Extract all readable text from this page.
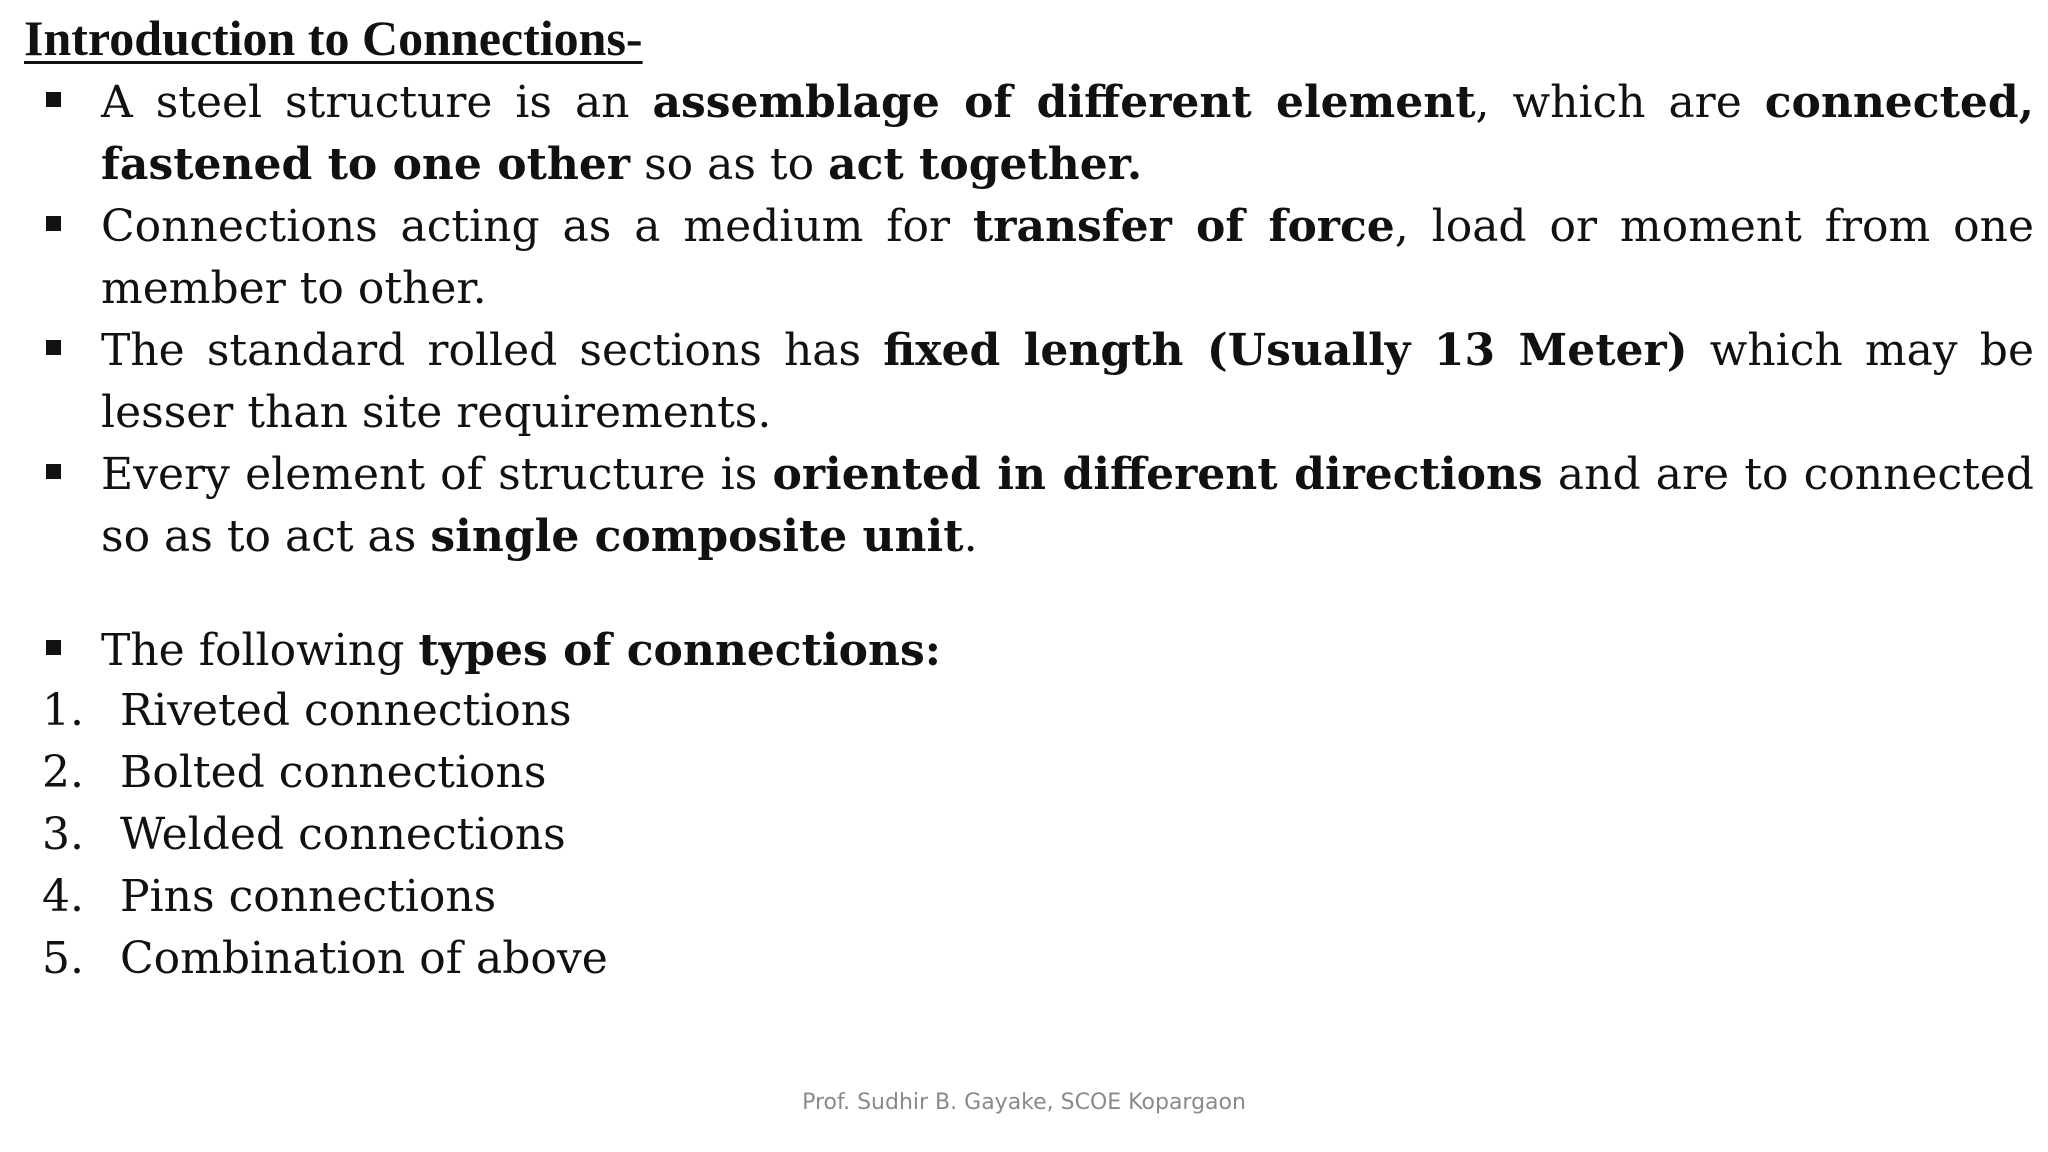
Introduction to Connections-
A steel structure is an assemblage of different element, which are connected, fastened to one other so as to act together.
Connections acting as a medium for transfer of force, load or moment from one member to other.
The standard rolled sections has fixed length (Usually 13 Meter) which may be lesser than site requirements.
Every element of structure is oriented in different directions and are to connected so as to act as single composite unit.
The following types of connections:
1. Riveted connections
2. Bolted connections
3. Welded connections
4. Pins connections
5. Combination of above
Prof. Sudhir B. Gayake, SCOE Kopargaon
